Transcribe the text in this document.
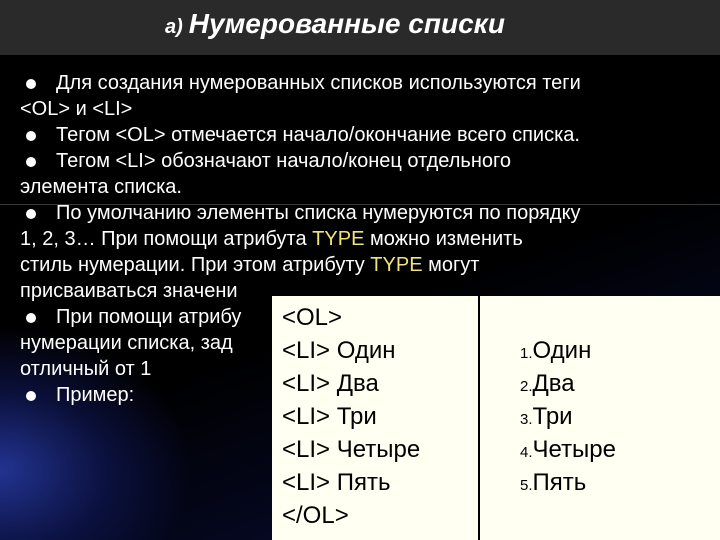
а) Нумерованные списки
Для создания нумерованных списков используются теги
<OL> и <LI>
Тегом <OL> отмечается начало/окончание всего списка.
Тегом <LI> обозначают начало/конец отдельного
элемента списка.
По умолчанию элементы списка нумеруются по порядку
1, 2, 3… При помощи атрибута TYPE можно изменить
стиль нумерации. При этом атрибуту TYPE могут
присваиваться значени
При помощи атрибу
нумерации списка, зад
отличный от 1
Пример:
<OL>
<LI> Один
<LI> Два
<LI> Три
<LI> Четыре
<LI> Пять
</OL>
1.Один
2.Два
3.Три
4.Четыре
5.Пять
